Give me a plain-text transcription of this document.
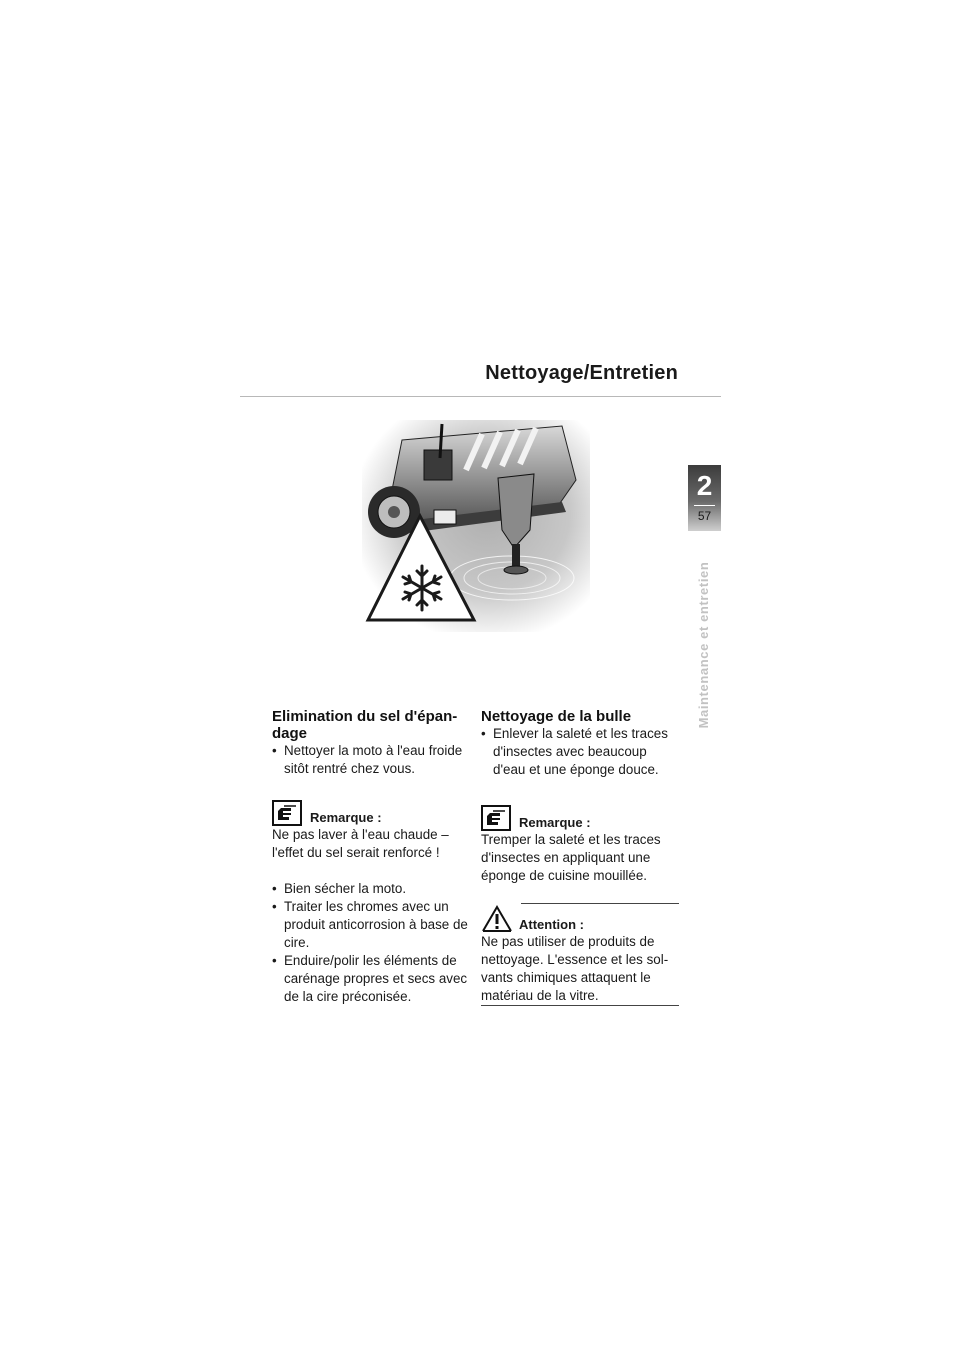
Nettoyage/Entretien
2
57
Maintenance et entretien
Elimination du sel d'épan-dage
• Nettoyer la moto à l'eau froide sitôt rentré chez vous.
Remarque :

Ne pas laver à l'eau chaude – l'effet du sel serait renforcé !

• Bien sécher la moto.
• Traiter les chromes avec un produit anticorrosion à base de cire.
• Enduire/polir les éléments de carénage propres et secs avec de la cire préconisée.
Nettoyage de la bulle
• Enlever la saleté et les traces d'insectes avec beaucoup d'eau et une éponge douce.
Remarque :

Tremper la saleté et les traces d'insectes en appliquant une éponge de cuisine mouillée.

Attention :

Ne pas utiliser de produits de nettoyage. L'essence et les sol-vants chimiques attaquent le matériau de la vitre.
